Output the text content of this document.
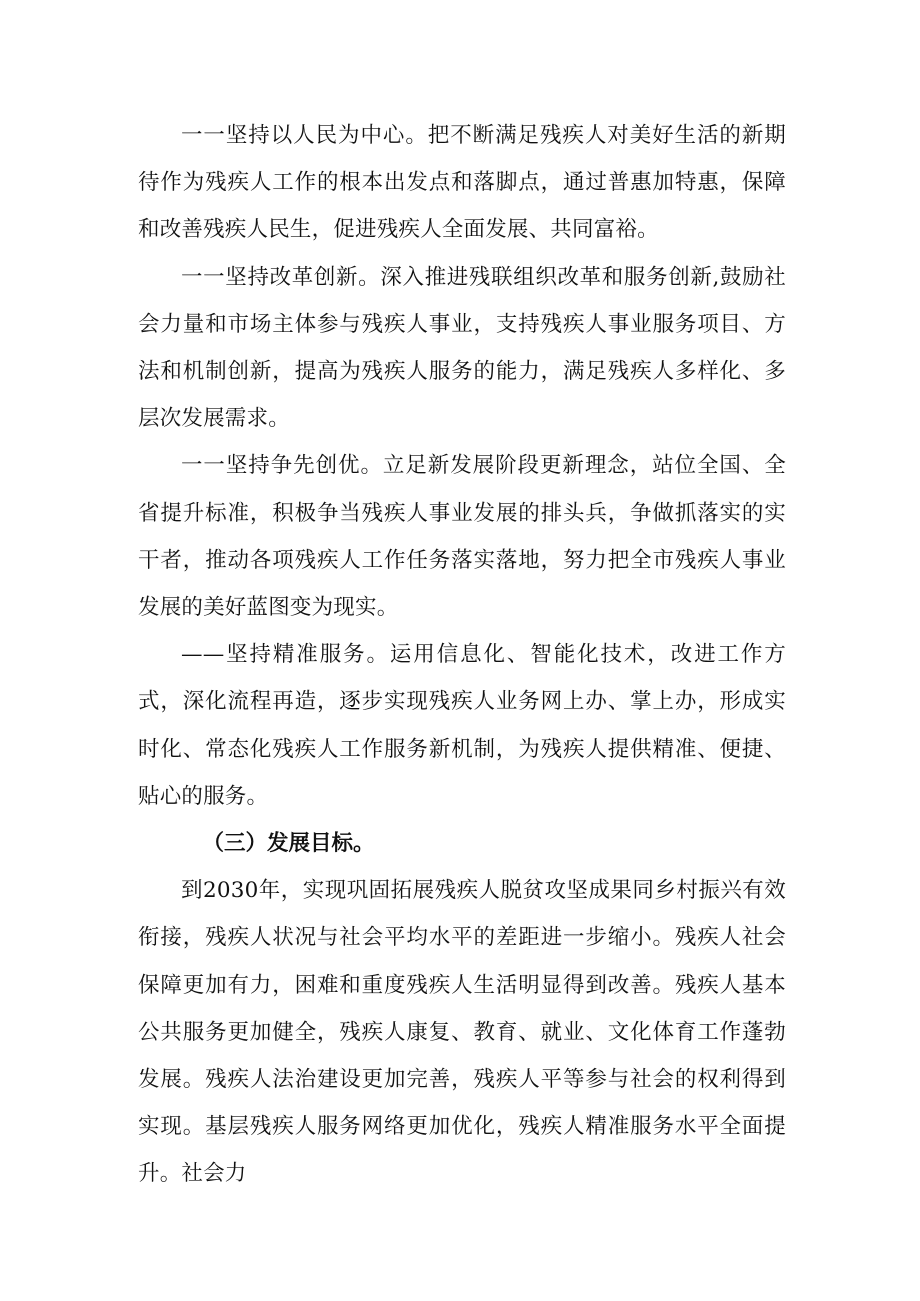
一一坚持以人民为中心。把不断满足残疾人对美好生活的新期待作为残疾人工作的根本出发点和落脚点，通过普惠加特惠，保障和改善残疾人民生，促进残疾人全面发展、共同富裕。

一一坚持改革创新。深入推进残联组织改革和服务创新,鼓励社会力量和市场主体参与残疾人事业，支持残疾人事业服务项目、方法和机制创新，提高为残疾人服务的能力，满足残疾人多样化、多层次发展需求。

一一坚持争先创优。立足新发展阶段更新理念，站位全国、全省提升标准，积极争当残疾人事业发展的排头兵，争做抓落实的实干者，推动各项残疾人工作任务落实落地，努力把全市残疾人事业发展的美好蓝图变为现实。

——坚持精准服务。运用信息化、智能化技术，改进工作方式，深化流程再造，逐步实现残疾人业务网上办、掌上办，形成实时化、常态化残疾人工作服务新机制，为残疾人提供精准、便捷、贴心的服务。

（三）发展目标。

到2030年，实现巩固拓展残疾人脱贫攻坚成果同乡村振兴有效衔接，残疾人状况与社会平均水平的差距进一步缩小。残疾人社会保障更加有力，困难和重度残疾人生活明显得到改善。残疾人基本公共服务更加健全，残疾人康复、教育、就业、文化体育工作蓬勃发展。残疾人法治建设更加完善，残疾人平等参与社会的权利得到实现。基层残疾人服务网络更加优化，残疾人精准服务水平全面提升。社会力
